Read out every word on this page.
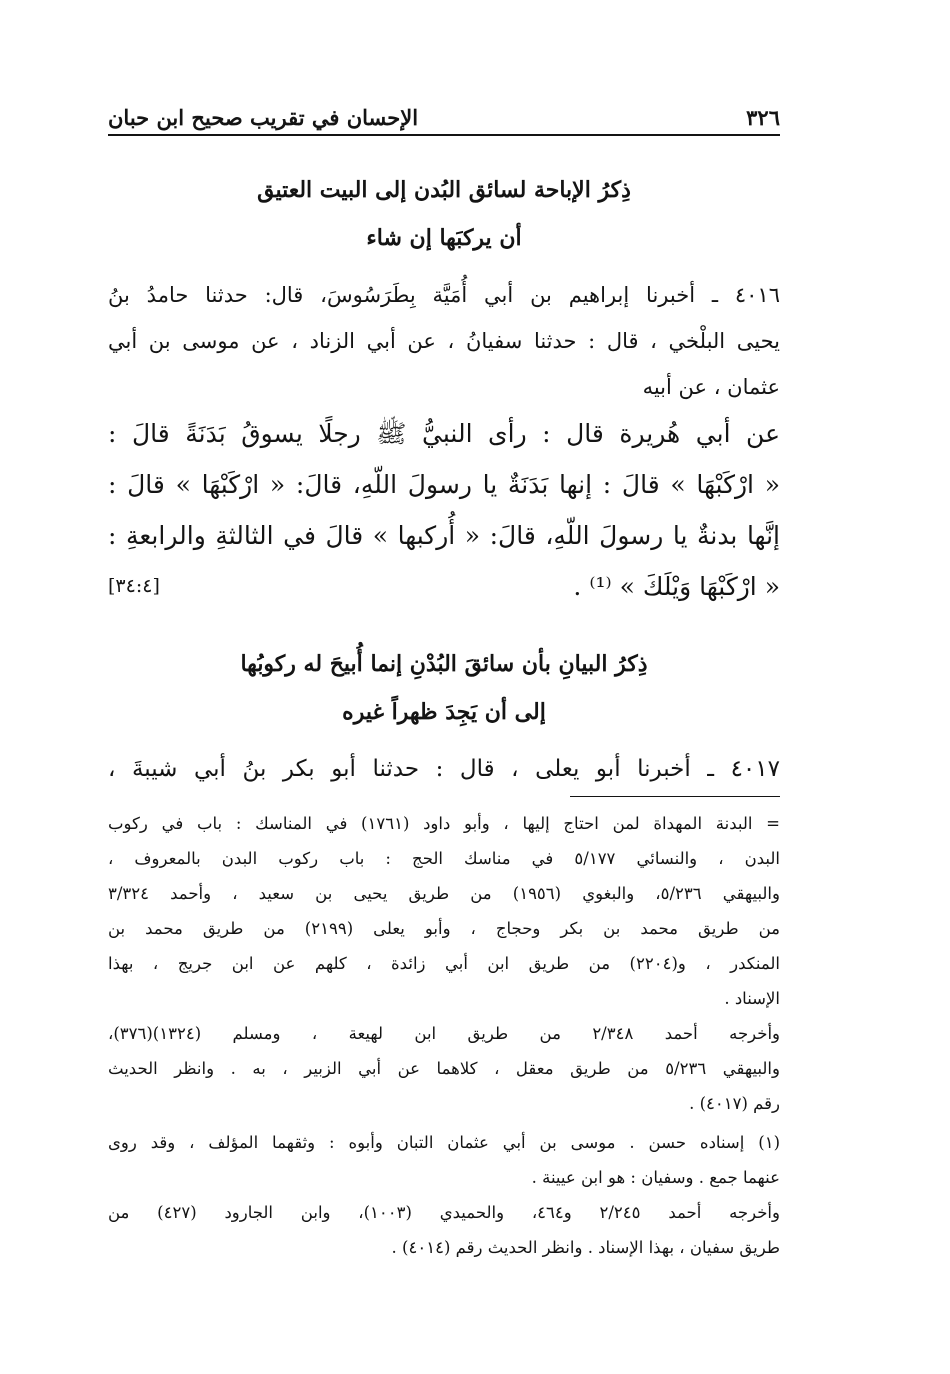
٣٢٦
الإحسان في تقريب صحيح ابن حبان
ذِكرُ الإباحة لسائق البُدن إلى البيت العتيق
أن يركبَها إن شاء
٤٠١٦ ـ أخبرنا إبراهيم بن أبي أُمَيَّة بِطَرَسُوسَ، قال: حدثنا حامدُ بنُ
يحيى البلْخي ، قال : حدثنا سفيانُ ، عن أبي الزناد ، عن موسى بن أبي
عثمان ، عن أبيه
عن أبي هُريرة قال : رأى النبيُّ ﷺ رجلًا يسوقُ بَدَنَةً قالَ :
« ارْكَبْهَا » قالَ : إنها بَدَنَةٌ يا رسولَ اللّهِ، قالَ: « ارْكَبْهَا » قالَ :
إنَّها بدنةٌ يا رسولَ اللّهِ، قالَ: « أُركبها » قالَ في الثالثةِ والرابعةِ :
« ارْكَبْهَا وَيْلَكَ » ⁽¹⁾ .
[٣٤:٤]
ذِكرُ البيانِ بأن سائقَ البُدْنِ إنما أُبيحَ له ركوبُها
إلى أن يَجِدَ ظهراً غيره
٤٠١٧ ـ أخبرنا أبو يعلى ، قال : حدثنا أبو بكر بنُ أبي شيبةَ ،
= البدنة المهداة لمن احتاج إليها ، وأبو داود (١٧٦١) في المناسك : باب في ركوب
البدن ، والنسائي ٥/١٧٧ في مناسك الحج : باب ركوب البدن بالمعروف ،
والبيهقي ٥/٢٣٦، والبغوي (١٩٥٦) من طريق يحيى بن سعيد ، وأحمد ٣/٣٢٤
من طريق محمد بن بكر وحجاج ، وأبو يعلى (٢١٩٩) من طريق محمد بن
المنكدر ، و(٢٢٠٤) من طريق ابن أبي زائدة ، كلهم عن ابن جريج ، بهذا
الإسناد .
وأخرجه أحمد ٢/٣٤٨ من طريق ابن لهيعة ، ومسلم (١٣٢٤)(٣٧٦)،
والبيهقي ٥/٢٣٦ من طريق معقل ، كلاهما عن أبي الزبير ، به . وانظر الحديث
رقم (٤٠١٧) .
(١) إسناده حسن . موسى بن أبي عثمان التبان وأبوه : وثقهما المؤلف ، وقد روى
عنهما جمع . وسفيان : هو ابن عيينة .
وأخرجه أحمد ٢/٢٤٥ و٤٦٤، والحميدي (١٠٠٣)، وابن الجارود (٤٢٧) من
طريق سفيان ، بهذا الإسناد . وانظر الحديث رقم (٤٠١٤) .
